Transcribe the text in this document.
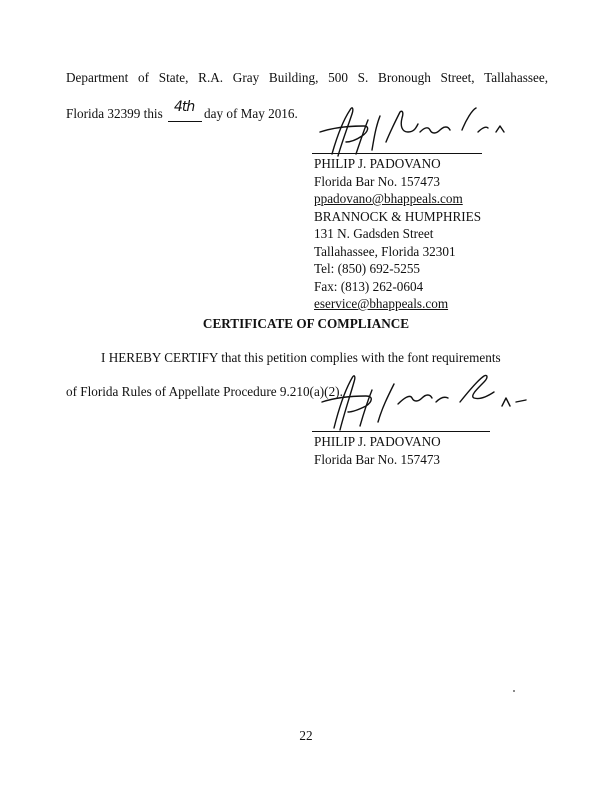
Department of State, R.A. Gray Building, 500 S. Bronough Street, Tallahassee,
Florida 32399 this 4th day of May 2016.
PHILIP J. PADOVANO
Florida Bar No. 157473
ppadovano@bhappeals.com
BRANNOCK & HUMPHRIES
131 N. Gadsden Street
Tallahassee, Florida 32301
Tel: (850) 692-5255
Fax: (813) 262-0604
eservice@bhappeals.com
CERTIFICATE OF COMPLIANCE
I HEREBY CERTIFY that this petition complies with the font requirements
of Florida Rules of Appellate Procedure 9.210(a)(2).
PHILIP J. PADOVANO
Florida Bar No. 157473
22
